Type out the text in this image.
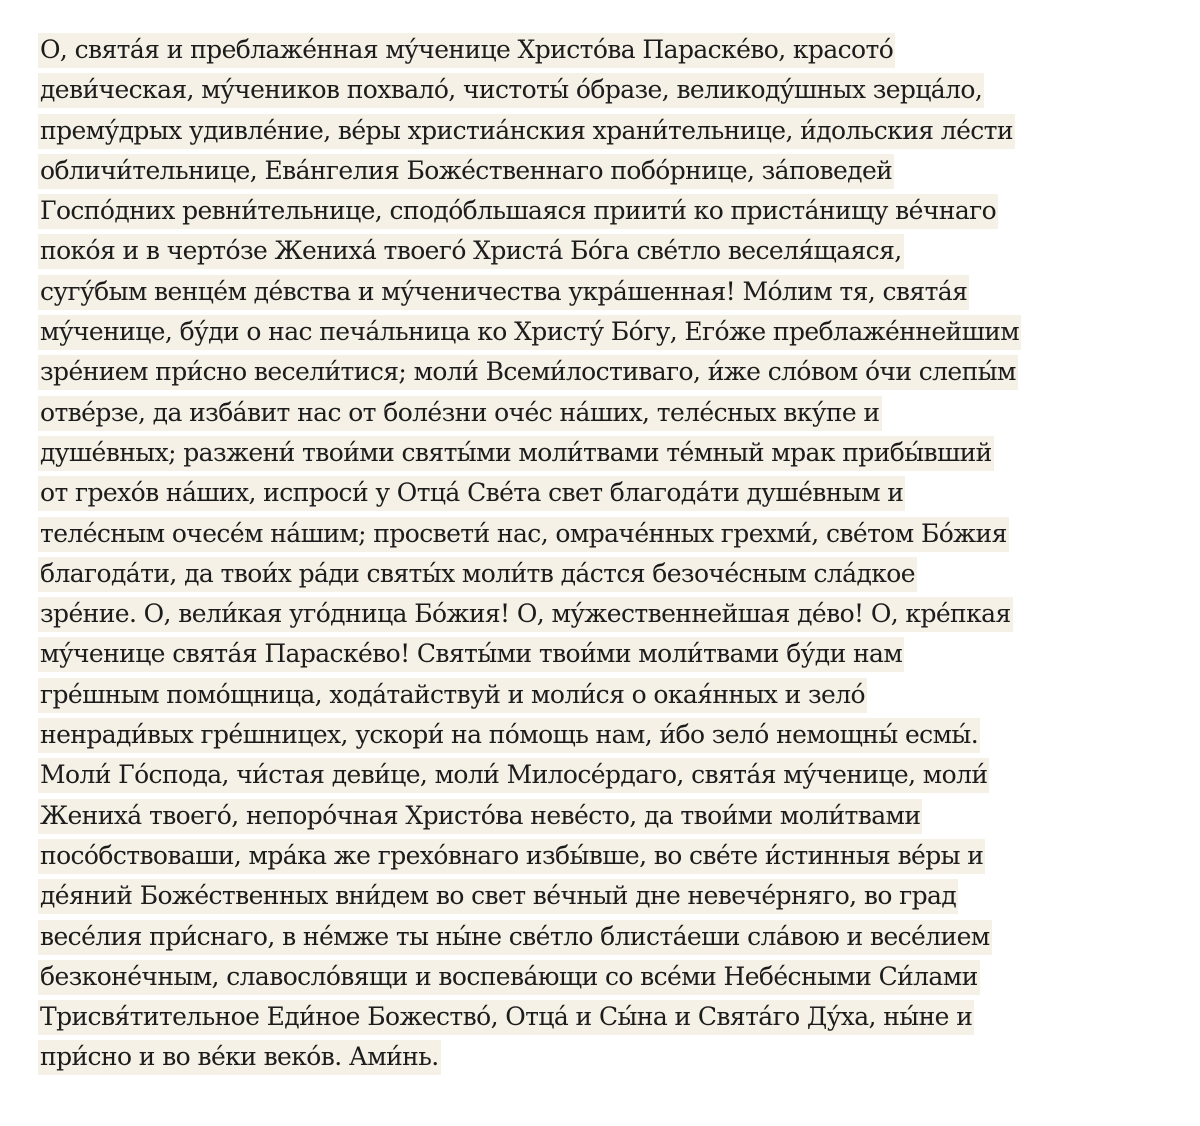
О, свята́я и преблаже́нная му́ченице Христо́ва Параске́во, красото́
деви́ческая, му́чеников похвало́, чистоты́ о́бразе, великоду́шных зерца́ло,
прему́дрых удивле́ние, ве́ры христиа́нския храни́тельнице, и́дольския ле́сти
обличи́тельнице, Ева́нгелия Боже́ственнаго побо́рнице, за́поведей
Госпо́дних ревни́тельнице, сподо́бльшаяся приити́ ко приста́нищу ве́чнаго
поко́я и в черто́зе Жениха́ твоего́ Христа́ Бо́га све́тло веселя́щаяся,
сугу́бым венце́м де́вства и му́ченичества укра́шенная! Мо́лим тя, свята́я
му́ченице, бу́ди о нас печа́льница ко Христу́ Бо́гу, Его́же преблаже́ннейшим
зре́нием при́сно весели́тися; моли́ Всеми́лостиваго, и́же сло́вом о́чи слепы́м
отве́рзе, да изба́вит нас от боле́зни оче́с на́ших, теле́сных вку́пе и
душе́вных; разжени́ твои́ми святы́ми моли́твами те́мный мрак прибы́вший
от грехо́в на́ших, испроси́ у Отца́ Све́та свет благода́ти душе́вным и
теле́сным очесе́м на́шим; просвети́ нас, омраче́нных грехми́, све́том Бо́жия
благода́ти, да твои́х ра́ди святы́х моли́тв да́стся безоче́сным сла́дкое
зре́ние. О, вели́кая уго́дница Бо́жия! О, му́жественнейшая де́во! О, кре́пкая
му́ченице свята́я Параске́во! Святы́ми твои́ми моли́твами бу́ди нам
гре́шным помо́щница, хода́тайствуй и моли́ся о окая́нных и зело́
ненради́вых гре́шницех, ускори́ на по́мощь нам, и́бо зело́ немощны́ есмы́.
Моли́ Го́спода, чи́стая деви́це, моли́ Милосе́рдаго, свята́я му́ченице, моли́
Жениха́ твоего́, непоро́чная Христо́ва неве́сто, да твои́ми моли́твами
посо́бствоваши, мра́ка же грехо́внаго избы́вше, во све́те и́стинныя ве́ры и
де́яний Боже́ственных вни́дем во свет ве́чный дне невече́рняго, во град
весе́лия при́снаго, в не́мже ты ны́не све́тло блиста́еши сла́вою и весе́лием
безконе́чным, славосло́вящи и воспева́ющи со все́ми Небе́сными Си́лами
Трисвя́тительное Еди́ное Божество́, Отца́ и Сы́на и Свята́го Ду́ха, ны́не и
при́сно и во ве́ки веко́в. Ами́нь.
